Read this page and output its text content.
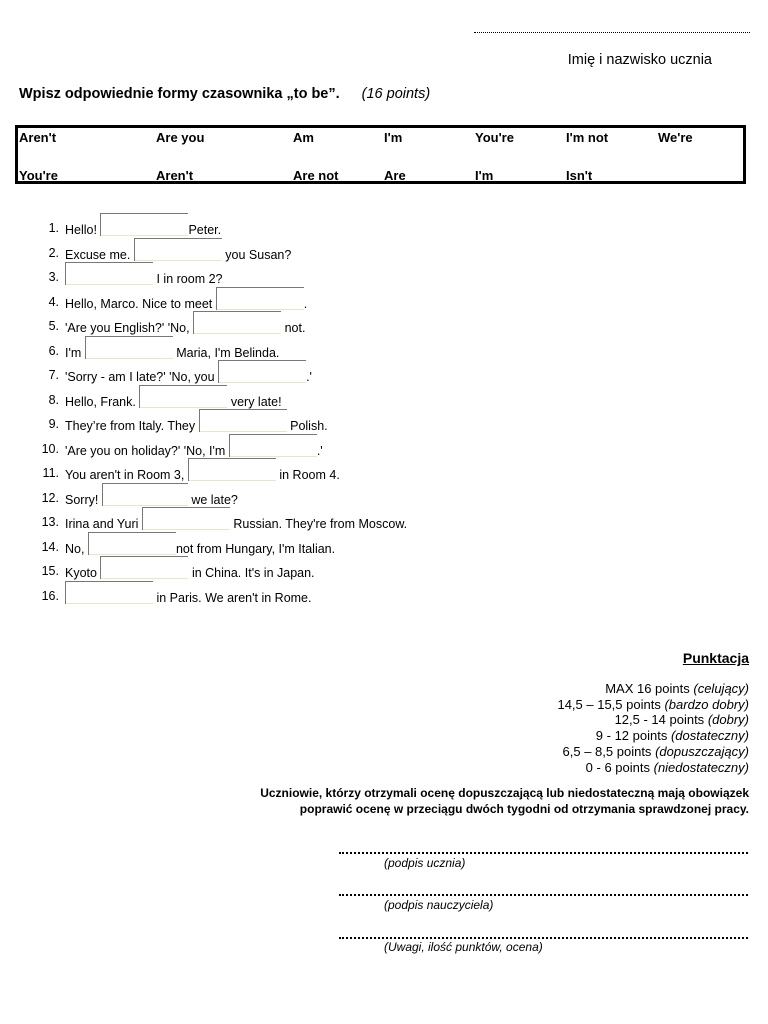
Imię i nazwisko ucznia
Wpisz odpowiednie formy czasownika „to be”. (16 points)
Aren't	Are you	Am	I'm	You're	I'm not	We're
You're	Aren't	Are not	Are	I'm	Isn't
1. Hello!	Peter.
2. Excuse me.	you Susan?
3.	I in room 2?
4. Hello, Marco. Nice to meet	.
5. 'Are you English?' 'No,	not.
6. I'm	Maria, I'm Belinda.
7. 'Sorry - am I late?' 'No, you	.'
8. Hello, Frank.	very late!
9. They’re from Italy. They	Polish.
10. 'Are you on holiday?' 'No, I'm	.'
11. You aren't in Room 3,	in Room 4.
12. Sorry!	we late?
13. Irina and Yuri	Russian. They're from Moscow.
14. No,	not from Hungary, I'm Italian.
15. Kyoto	in China. It's in Japan.
16.	in Paris. We aren't in Rome.
Punktacja
MAX 16 points (celujący)
14,5 – 15,5 points (bardzo dobry)
12,5 - 14 points (dobry)
9 - 12 points (dostateczny)
6,5 – 8,5 points (dopuszczający)
0 - 6 points (niedostateczny)
Uczniowie, którzy otrzymali ocenę dopuszczającą lub niedostateczną mają obowiązek
poprawić ocenę w przeciągu dwóch tygodni od otrzymania sprawdzonej pracy.
(podpis ucznia)
(podpis nauczyciela)
(Uwagi, ilość punktów, ocena)
